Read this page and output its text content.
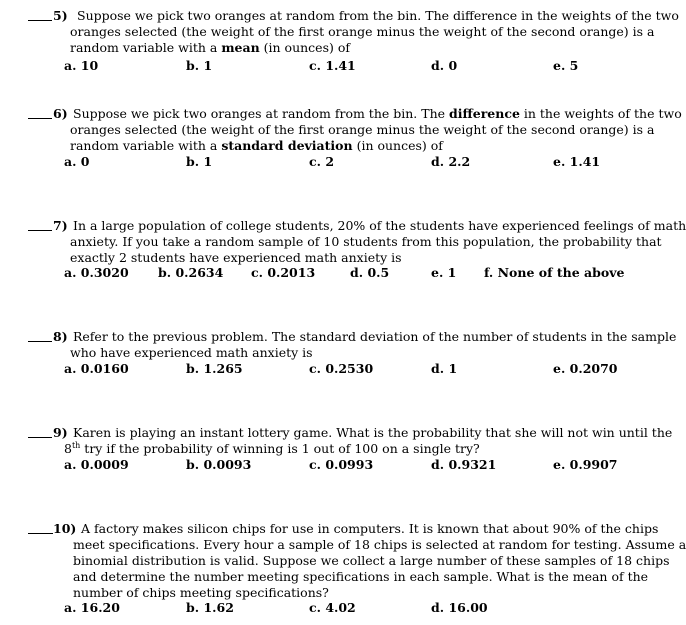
5) Suppose we pick two oranges at random from the bin. The difference in the weights of the two
oranges selected (the weight of the first orange minus the weight of the second orange) is a
random variable with a mean (in ounces) of
a. 10	b. 1	c. 1.41	d. 0	e. 5
6) Suppose we pick two oranges at random from the bin. The difference in the weights of the two
oranges selected (the weight of the first orange minus the weight of the second orange) is a
random variable with a standard deviation (in ounces) of
a. 0	b. 1	c. 2	d. 2.2	e. 1.41
7) In a large population of college students, 20% of the students have experienced feelings of math
anxiety. If you take a random sample of 10 students from this population, the probability that
exactly 2 students have experienced math anxiety is
a. 0.3020 b. 0.2634 c. 0.2013	d. 0.5	e. 1 f. None of the above
8) Refer to the previous problem. The standard deviation of the number of students in the sample
who have experienced math anxiety is
a. 0.0160	b. 1.265	c. 0.2530	d. 1	e. 0.2070
9) Karen is playing an instant lottery game. What is the probability that she will not win until the
8th try if the probability of winning is 1 out of 100 on a single try?
a. 0.0009	b. 0.0093	c. 0.0993	d. 0.9321	e. 0.9907
10) A factory makes silicon chips for use in computers. It is known that about 90% of the chips
meet specifications. Every hour a sample of 18 chips is selected at random for testing. Assume a
binomial distribution is valid. Suppose we collect a large number of these samples of 18 chips
and determine the number meeting specifications in each sample. What is the mean of the
number of chips meeting specifications?
a. 16.20	b. 1.62	c. 4.02	d. 16.00
